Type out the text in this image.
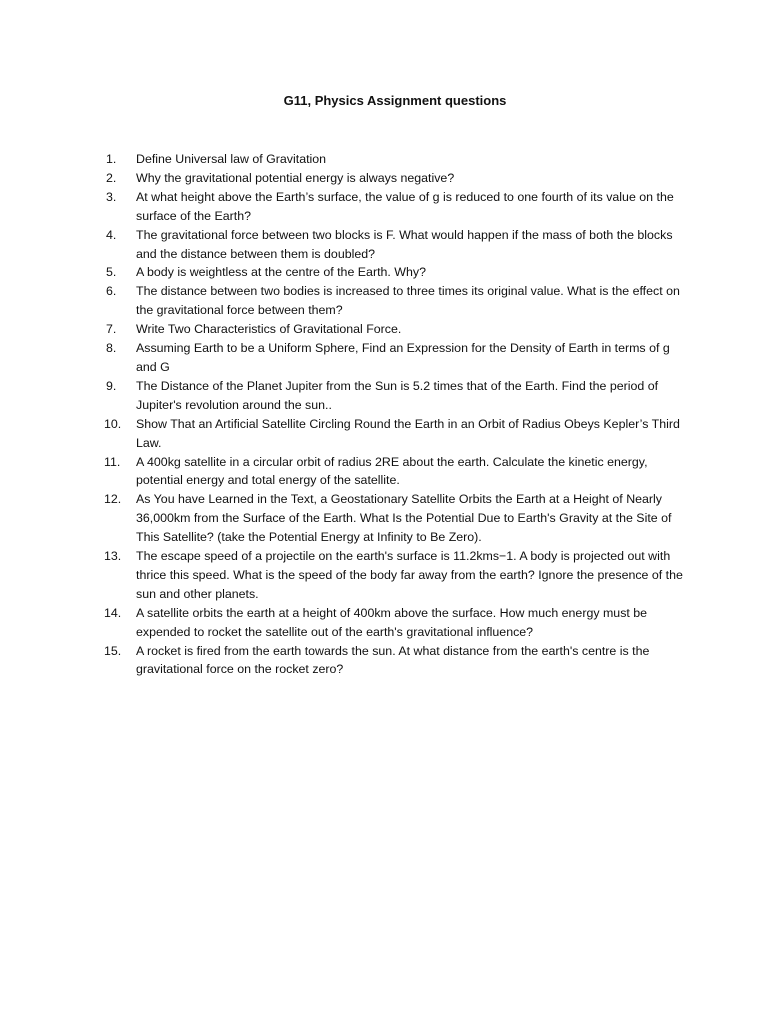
G11, Physics Assignment questions
1.	Define Universal law of Gravitation
2.	Why the gravitational potential energy is always negative?
3.	At what height above the Earth’s surface, the value of g is reduced to one fourth of its value on the surface of the Earth?
4.	The gravitational force between two blocks is F. What would happen if the mass of both the blocks and the distance between them is doubled?
5.	A body is weightless at the centre of the Earth. Why?
6.	The distance between two bodies is increased to three times its original value. What is the effect on the gravitational force between them?
7.	Write Two Characteristics of Gravitational Force.
8.	Assuming Earth to be a Uniform Sphere, Find an Expression for the Density of Earth in terms of g and G
9.	The Distance of the Planet Jupiter from the Sun is 5.2 times that of the Earth. Find the period of Jupiter's revolution around the sun..
10.	Show That an Artificial Satellite Circling Round the Earth in an Orbit of Radius Obeys Kepler’s Third Law.
11.	A 400kg satellite in a circular orbit of radius 2RE about the earth. Calculate the kinetic energy, potential energy and total energy of the satellite.
12.	As You have Learned in the Text, a Geostationary Satellite Orbits the Earth at a Height of Nearly 36,000km from the Surface of the Earth. What Is the Potential Due to Earth's Gravity at the Site of This Satellite? (take the Potential Energy at Infinity to Be Zero).
13.	The escape speed of a projectile on the earth's surface is 11.2kms−1. A body is projected out with thrice this speed. What is the speed of the body far away from the earth? Ignore the presence of the sun and other planets.
14.	A satellite orbits the earth at a height of 400km above the surface. How much energy must be expended to rocket the satellite out of the earth's gravitational influence?
15.	A rocket is fired from the earth towards the sun. At what distance from the earth's centre is the gravitational force on the rocket zero?
